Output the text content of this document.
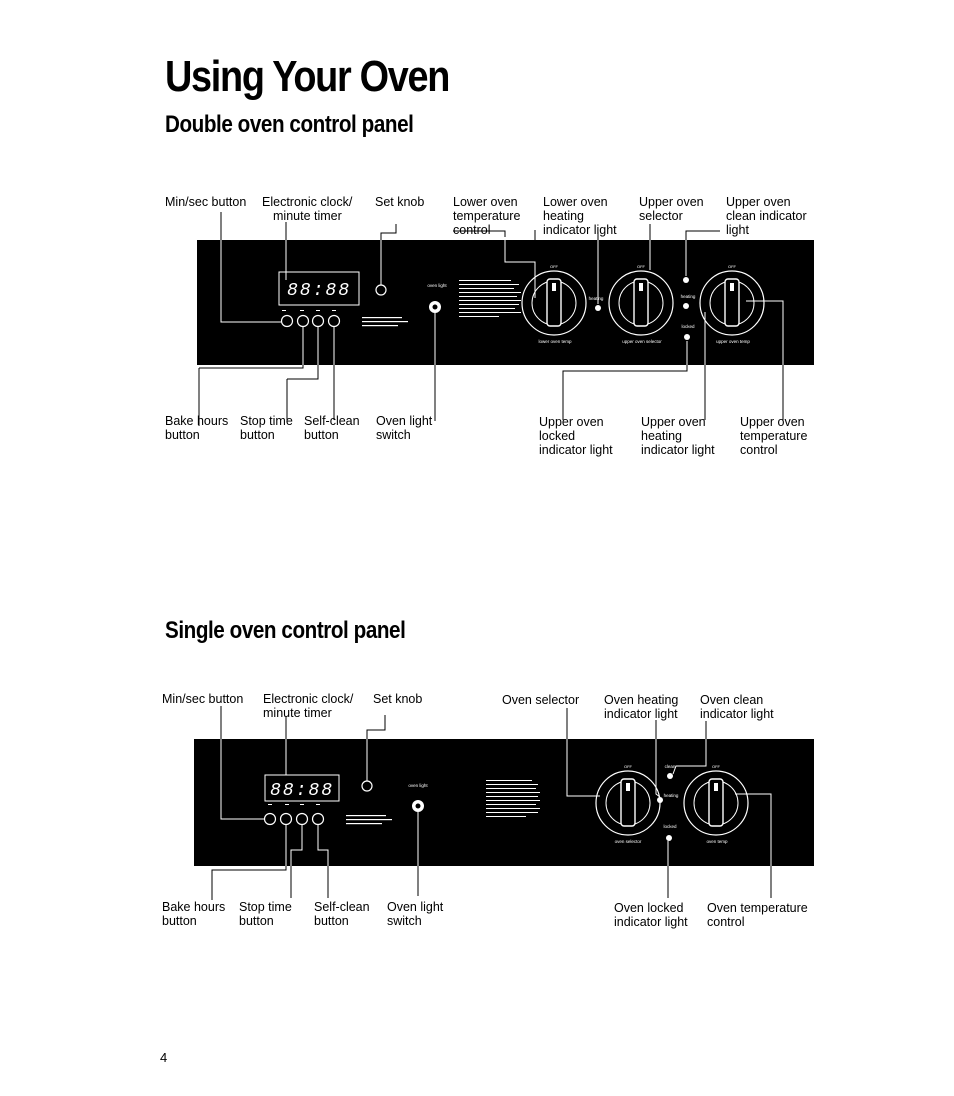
Using Your Oven
Double oven control panel
Single oven control panel
88:88	oven light
OFF
lower oven temp
heating
OFF
upper oven selector
heating
locked
OFF
upper oven temp
Min/sec button Electronic clock/
minute timer
Set knob Lower oven
temperature
control
Lower oven
heating
indicator light
Upper oven
selector
Upper oven
clean indicator
light
Bake hours
button
Stop time
button
Self-clean
button
Oven light
switch
Upper oven
locked
indicator light
Upper oven
heating
indicator light
Upper oven
temperature
control
88:88	oven light
OFF
oven selector
clean
heating
locked
OFF
oven temp
Min/sec button Electronic clock/
minute timer
Set knob	Oven selector Oven heating
indicator light
Oven clean
indicator light
Bake hours
button
Stop time
button
Self-clean
button
Oven light
switch
Oven locked
indicator light
Oven temperature
control
4
